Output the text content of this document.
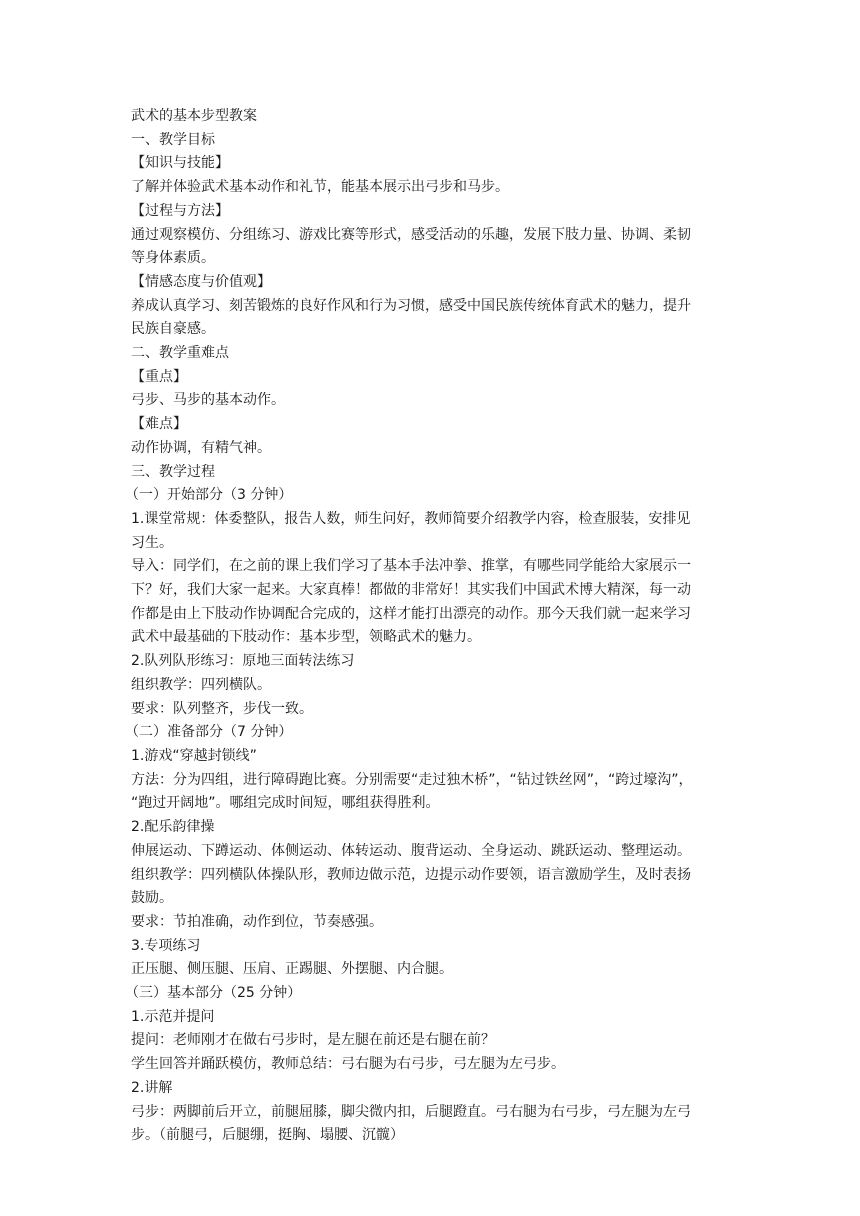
武术的基本步型教案

一、教学目标

【知识与技能】

了解并体验武术基本动作和礼节，能基本展示出弓步和马步。

【过程与方法】

通过观察模仿、分组练习、游戏比赛等形式，感受活动的乐趣，发展下肢力量、协调、柔韧

等身体素质。

【情感态度与价值观】

养成认真学习、刻苦锻炼的良好作风和行为习惯，感受中国民族传统体育武术的魅力，提升

民族自豪感。

二、教学重难点

【重点】

弓步、马步的基本动作。

【难点】

动作协调，有精气神。

三、教学过程

（一）开始部分（3 分钟）

1.课堂常规：体委整队，报告人数，师生问好，教师简要介绍教学内容，检查服装，安排见

习生。

导入：同学们，在之前的课上我们学习了基本手法冲拳、推掌，有哪些同学能给大家展示一

下？好，我们大家一起来。大家真棒！都做的非常好！其实我们中国武术博大精深，每一动

作都是由上下肢动作协调配合完成的，这样才能打出漂亮的动作。那今天我们就一起来学习

武术中最基础的下肢动作：基本步型，领略武术的魅力。

2.队列队形练习：原地三面转法练习

组织教学：四列横队。

要求：队列整齐，步伐一致。

（二）准备部分（7 分钟）

1.游戏“穿越封锁线”

方法：分为四组，进行障碍跑比赛。分别需要“走过独木桥”，“钻过铁丝网”，“跨过壕沟”，

“跑过开阔地”。哪组完成时间短，哪组获得胜利。

2.配乐韵律操

伸展运动、下蹲运动、体侧运动、体转运动、腹背运动、全身运动、跳跃运动、整理运动。

组织教学：四列横队体操队形，教师边做示范，边提示动作要领，语言激励学生，及时表扬

鼓励。

要求：节拍准确，动作到位，节奏感强。

3.专项练习

正压腿、侧压腿、压肩、正踢腿、外摆腿、内合腿。

（三）基本部分（25 分钟）

1.示范并提问

提问：老师刚才在做右弓步时，是左腿在前还是右腿在前？

学生回答并踊跃模仿，教师总结：弓右腿为右弓步，弓左腿为左弓步。

2.讲解

弓步：两脚前后开立，前腿屈膝，脚尖微内扣，后腿蹬直。弓右腿为右弓步，弓左腿为左弓

步。（前腿弓，后腿绷，挺胸、塌腰、沉髋）
